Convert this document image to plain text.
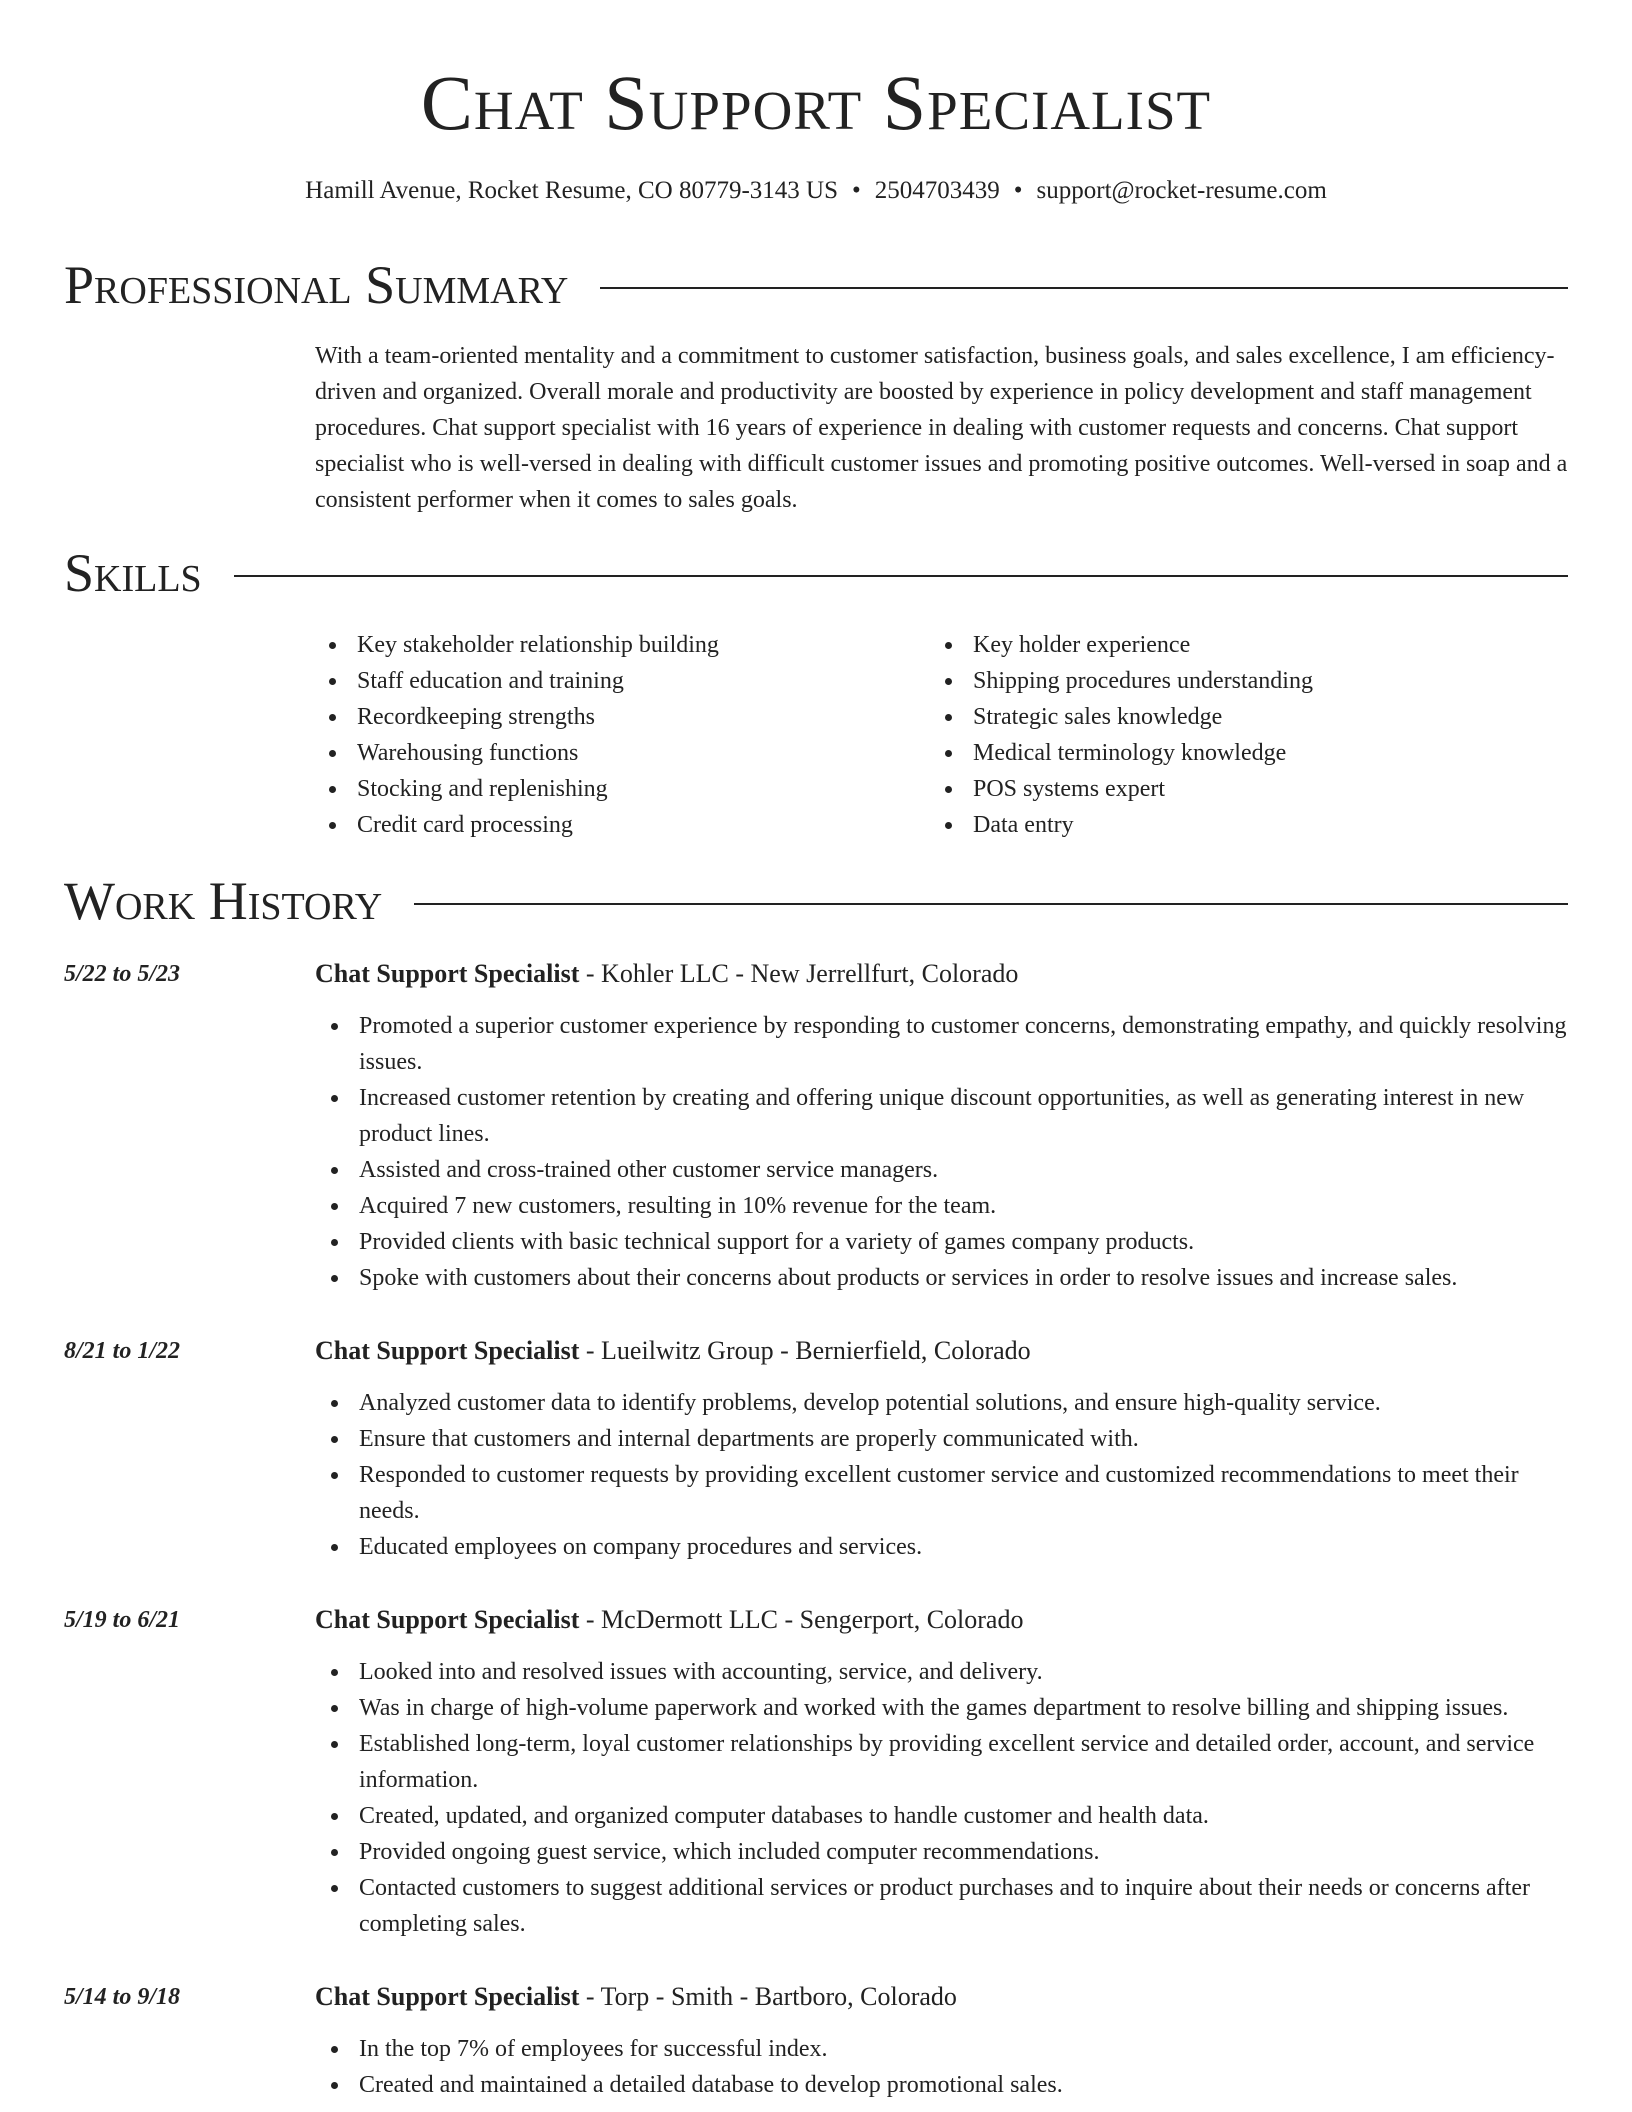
Chat Support Specialist
Hamill Avenue, Rocket Resume, CO 80779-3143 US • 2504703439 • support@rocket-resume.com
Professional Summary

With a team-oriented mentality and a commitment to customer satisfaction, business goals, and sales excellence, I am efficiency-driven and organized. Overall morale and productivity are boosted by experience in policy development and staff management procedures. Chat support specialist with 16 years of experience in dealing with customer requests and concerns. Chat support specialist who is well-versed in dealing with difficult customer issues and promoting positive outcomes. Well-versed in soap and a consistent performer when it comes to sales goals.

Skills
Key stakeholder relationship building
Staff education and training
Recordkeeping strengths
Warehousing functions
Stocking and replenishing
Credit card processing
Key holder experience
Shipping procedures understanding
Strategic sales knowledge
Medical terminology knowledge
POS systems expert
Data entry
Work History
5/22 to 5/23	Chat Support Specialist - Kohler LLC - New Jerrellfurt, Colorado
Promoted a superior customer experience by responding to customer concerns, demonstrating empathy, and quickly resolving issues.
Increased customer retention by creating and offering unique discount opportunities, as well as generating interest in new product lines.
Assisted and cross-trained other customer service managers.
Acquired 7 new customers, resulting in 10% revenue for the team.
Provided clients with basic technical support for a variety of games company products.
Spoke with customers about their concerns about products or services in order to resolve issues and increase sales.
8/21 to 1/22	Chat Support Specialist - Lueilwitz Group - Bernierfield, Colorado
Analyzed customer data to identify problems, develop potential solutions, and ensure high-quality service.
Ensure that customers and internal departments are properly communicated with.
Responded to customer requests by providing excellent customer service and customized recommendations to meet their needs.
Educated employees on company procedures and services.
5/19 to 6/21	Chat Support Specialist - McDermott LLC - Sengerport, Colorado
Looked into and resolved issues with accounting, service, and delivery.
Was in charge of high-volume paperwork and worked with the games department to resolve billing and shipping issues.
Established long-term, loyal customer relationships by providing excellent service and detailed order, account, and service information.
Created, updated, and organized computer databases to handle customer and health data.
Provided ongoing guest service, which included computer recommendations.
Contacted customers to suggest additional services or product purchases and to inquire about their needs or concerns after completing sales.
5/14 to 9/18	Chat Support Specialist - Torp - Smith - Bartboro, Colorado
In the top 7% of employees for successful index.
Created and maintained a detailed database to develop promotional sales.
